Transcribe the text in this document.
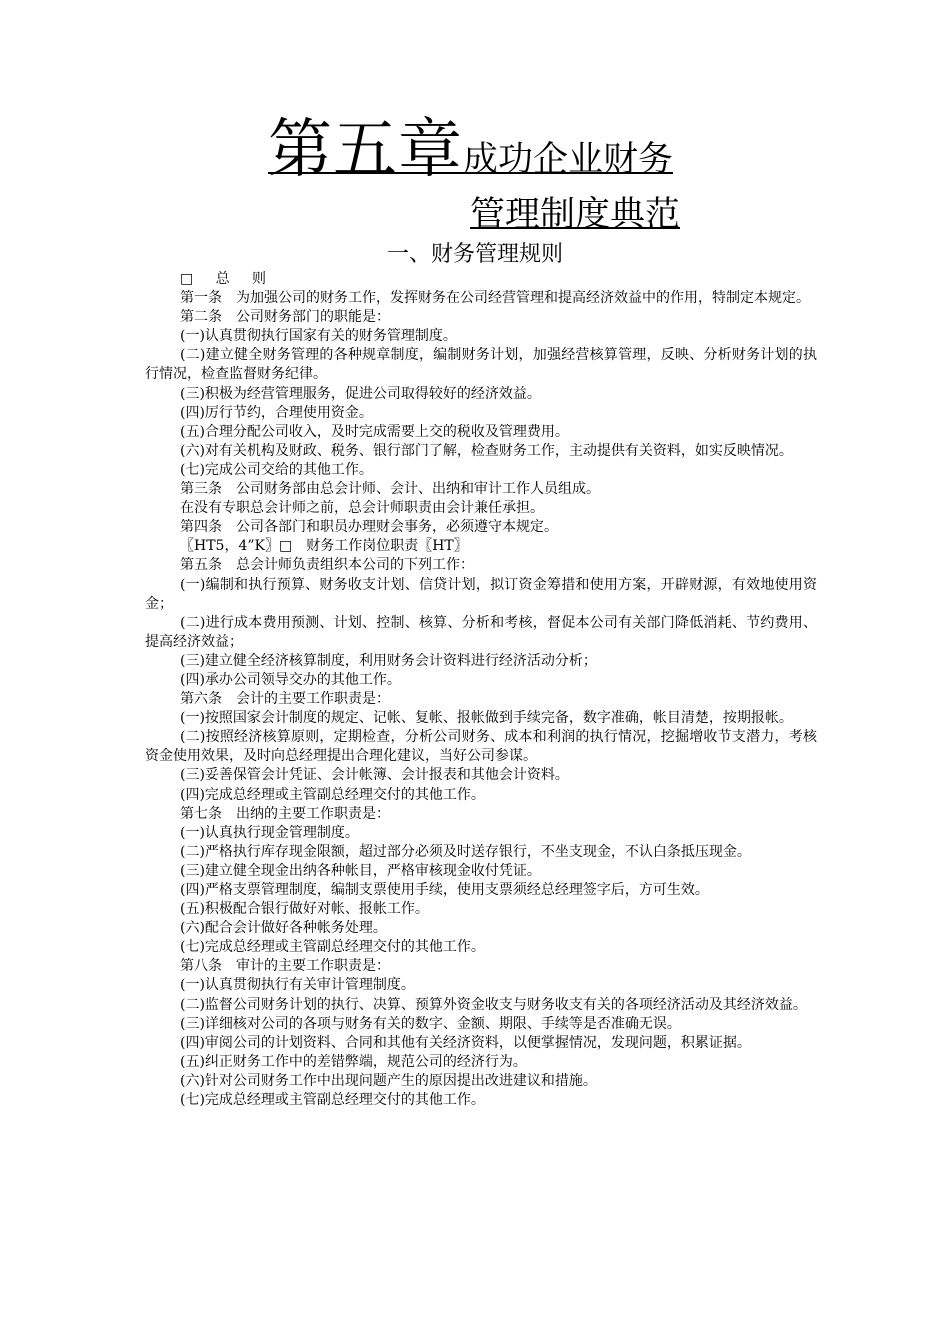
第五章成功企业财务
管理制度典范
一、财务管理规则

□ 总 则

第一条　为加强公司的财务工作，发挥财务在公司经营管理和提高经济效益中的作用，特制定本规定。

第二条　公司财务部门的职能是：

(一)认真贯彻执行国家有关的财务管理制度。

(二)建立健全财务管理的各种规章制度，编制财务计划，加强经营核算管理，反映、分析财务计划的执行情况，检查监督财务纪律。

(三)积极为经营管理服务，促进公司取得较好的经济效益。

(四)厉行节约，合理使用资金。

(五)合理分配公司收入，及时完成需要上交的税收及管理费用。

(六)对有关机构及财政、税务、银行部门了解，检查财务工作，主动提供有关资料，如实反映情况。

(七)完成公司交给的其他工作。

第三条　公司财务部由总会计师、会计、出纳和审计工作人员组成。

在没有专职总会计师之前，总会计师职责由会计兼任承担。

第四条　公司各部门和职员办理财会事务，必须遵守本规定。

〖HT5，4”K〗□　财务工作岗位职责〖HT〗

第五条　总会计师负责组织本公司的下列工作：

(一)编制和执行预算、财务收支计划、信贷计划，拟订资金筹措和使用方案，开辟财源，有效地使用资金；

(二)进行成本费用预测、计划、控制、核算、分析和考核，督促本公司有关部门降低消耗、节约费用、提高经济效益；

(三)建立健全经济核算制度，利用财务会计资料进行经济活动分析；

(四)承办公司领导交办的其他工作。

第六条　会计的主要工作职责是：

(一)按照国家会计制度的规定、记帐、复帐、报帐做到手续完备，数字准确，帐目清楚，按期报帐。

(二)按照经济核算原则，定期检查，分析公司财务、成本和利润的执行情况，挖掘增收节支潜力，考核资金使用效果，及时向总经理提出合理化建议，当好公司参谋。

(三)妥善保管会计凭证、会计帐簿、会计报表和其他会计资料。

(四)完成总经理或主管副总经理交付的其他工作。

第七条　出纳的主要工作职责是：

(一)认真执行现金管理制度。

(二)严格执行库存现金限额，超过部分必须及时送存银行，不坐支现金，不认白条抵压现金。

(三)建立健全现金出纳各种帐目，严格审核现金收付凭证。

(四)严格支票管理制度，编制支票使用手续，使用支票须经总经理签字后，方可生效。

(五)积极配合银行做好对帐、报帐工作。

(六)配合会计做好各种帐务处理。

(七)完成总经理或主管副总经理交付的其他工作。

第八条　审计的主要工作职责是：

(一)认真贯彻执行有关审计管理制度。

(二)监督公司财务计划的执行、决算、预算外资金收支与财务收支有关的各项经济活动及其经济效益。

(三)详细核对公司的各项与财务有关的数字、金额、期限、手续等是否准确无误。

(四)审阅公司的计划资料、合同和其他有关经济资料，以便掌握情况，发现问题，积累证据。

(五)纠正财务工作中的差错弊端，规范公司的经济行为。

(六)针对公司财务工作中出现问题产生的原因提出改进建议和措施。

(七)完成总经理或主管副总经理交付的其他工作。
